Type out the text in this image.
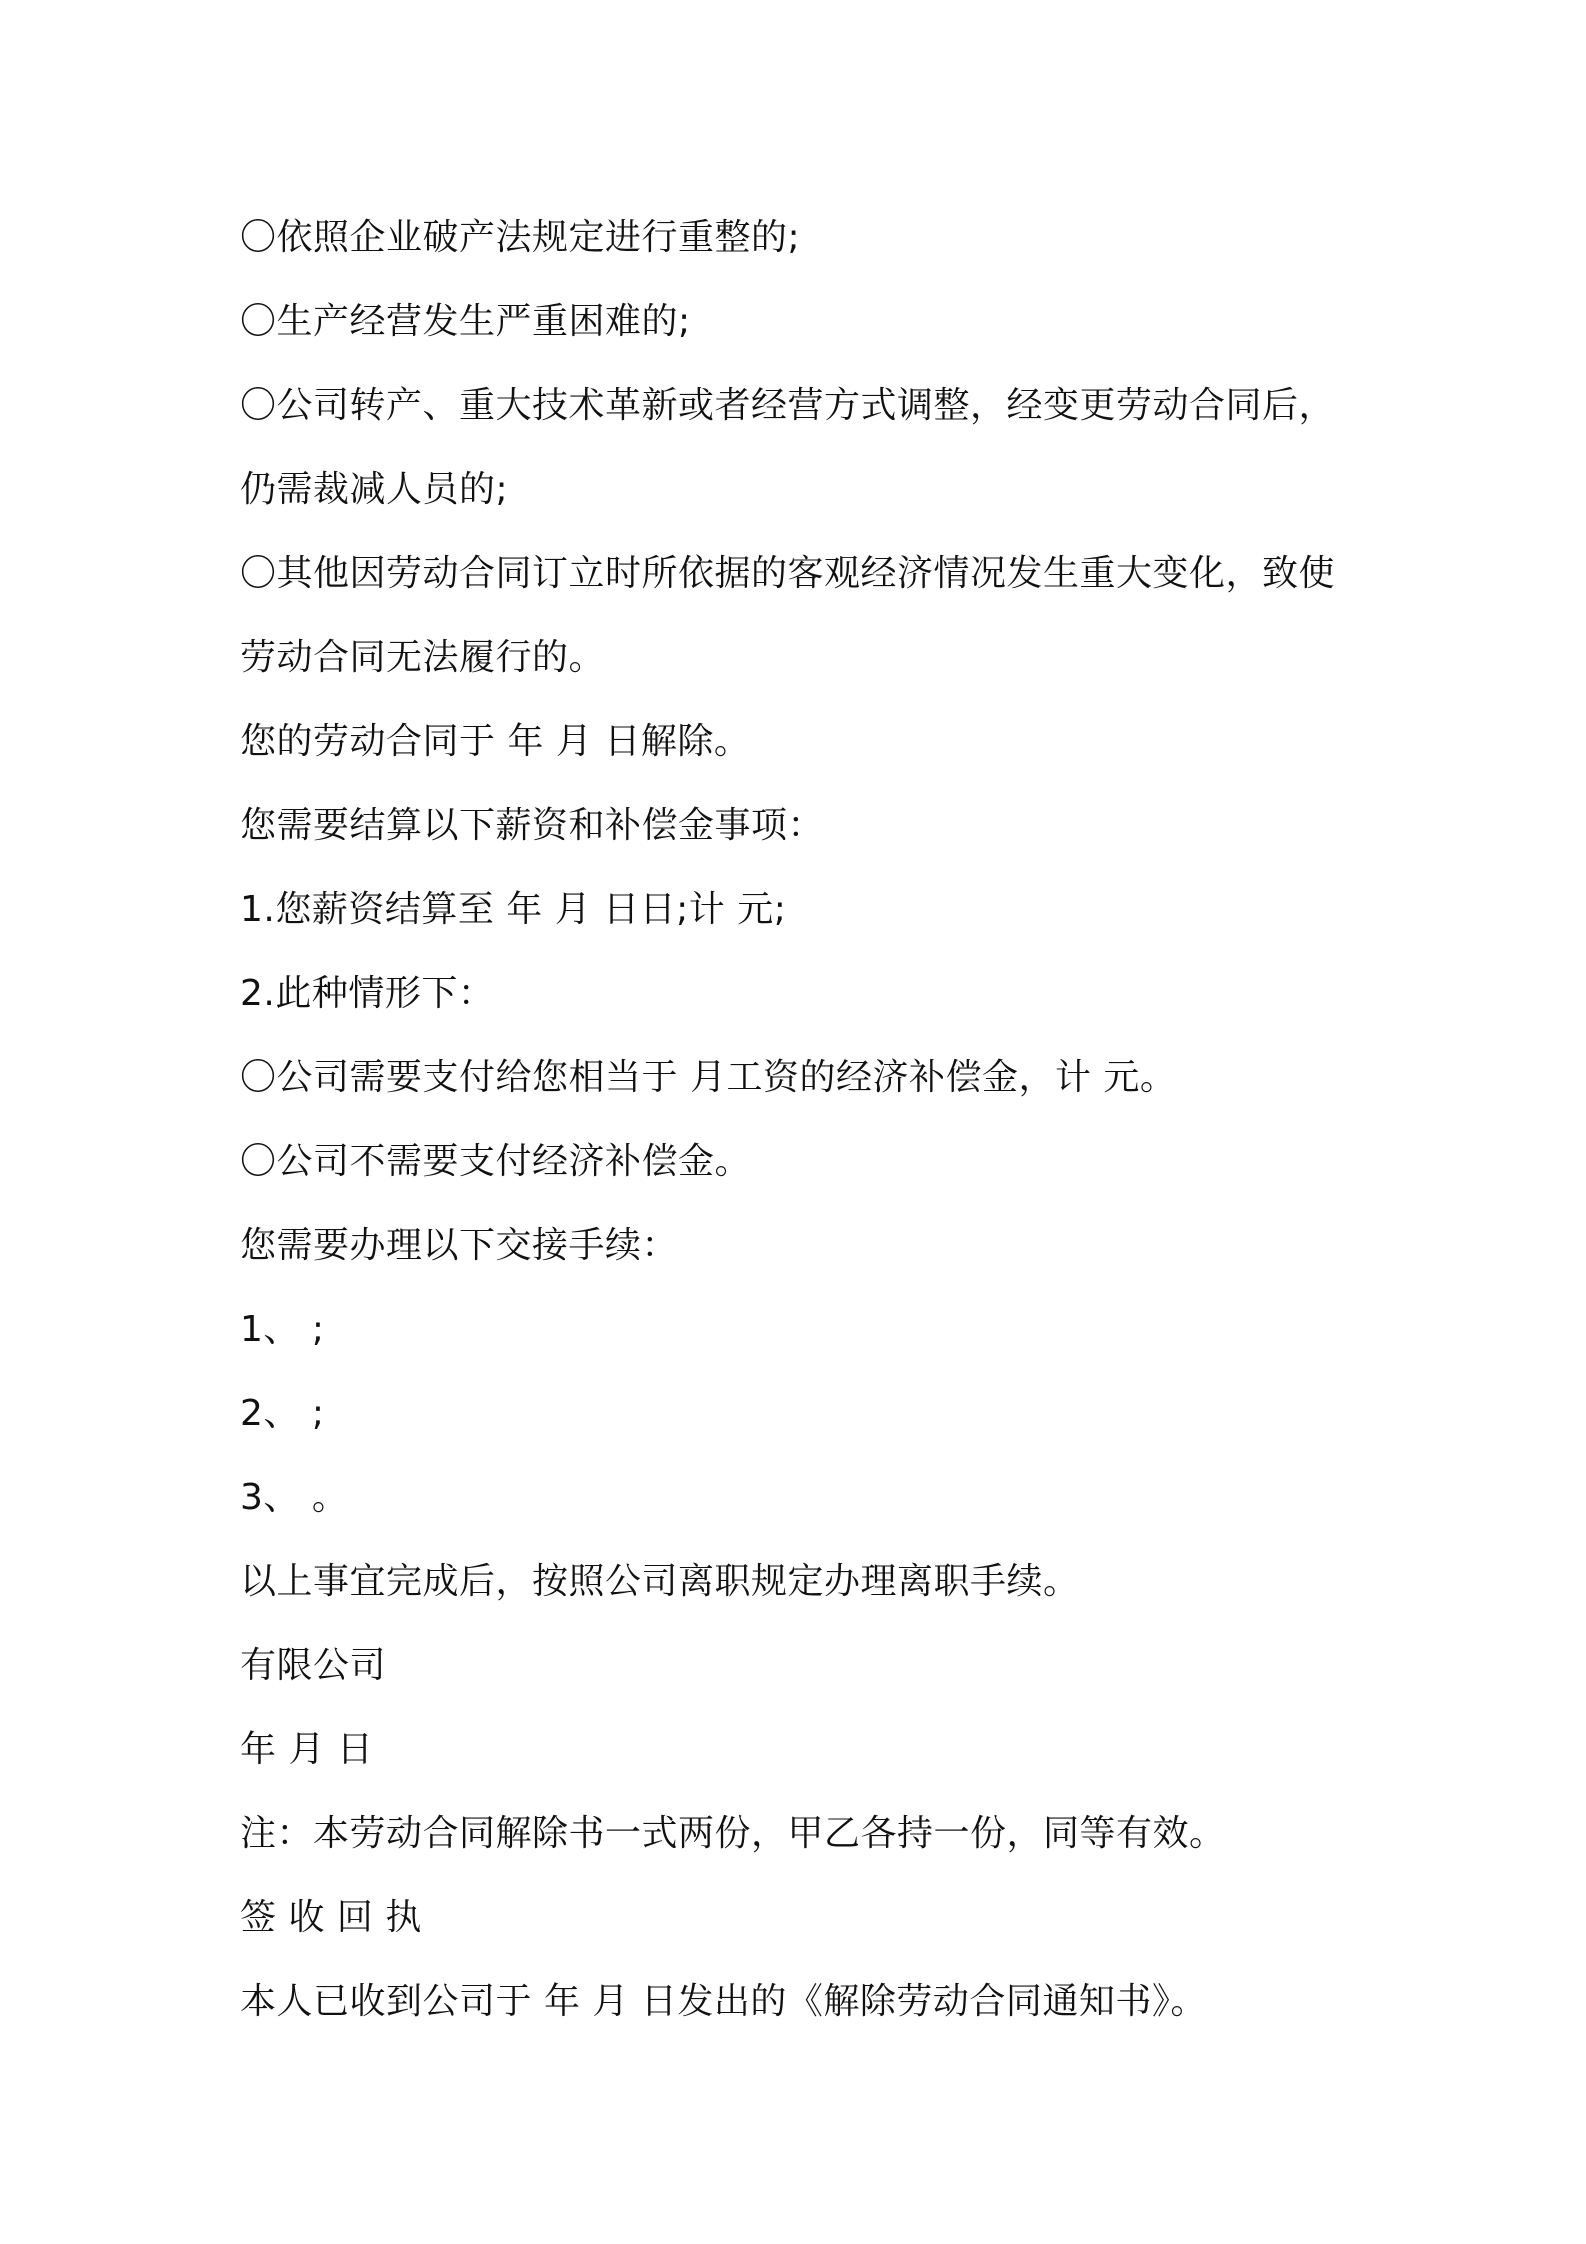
〇依照企业破产法规定进行重整的;
〇生产经营发生严重困难的;
〇公司转产、重大技术革新或者经营方式调整，经变更劳动合同后，
仍需裁减人员的;
〇其他因劳动合同订立时所依据的客观经济情况发生重大变化，致使
劳动合同无法履行的。
您的劳动合同于 年 月 日解除。
您需要结算以下薪资和补偿金事项：
1.您薪资结算至 年 月 日日;计 元;
2.此种情形下：
〇公司需要支付给您相当于 月工资的经济补偿金，计 元。
〇公司不需要支付经济补偿金。
您需要办理以下交接手续：
1、 ;
2、 ;
3、 。
以上事宜完成后，按照公司离职规定办理离职手续。
有限公司
年 月 日
注：本劳动合同解除书一式两份，甲乙各持一份，同等有效。
签 收 回 执
本人已收到公司于 年 月 日发出的《解除劳动合同通知书》。
